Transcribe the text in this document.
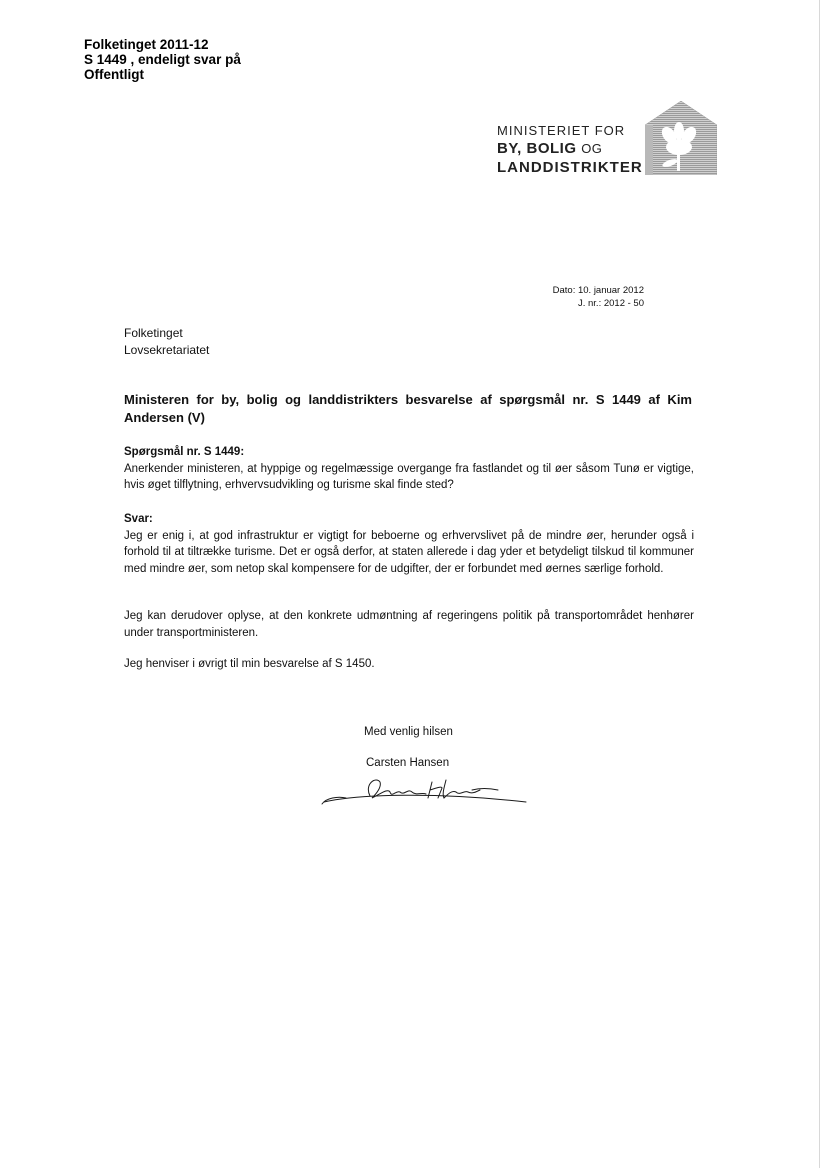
Folketinget 2011-12
S 1449 , endeligt svar på
Offentligt
MINISTERIET FOR
BY, BOLIG OG
LANDDISTRIKTER
Dato: 10. januar 2012
J. nr.: 2012 - 50
Folketinget
Lovsekretariatet
Ministeren for by, bolig og landdistrikters besvarelse af spørgsmål nr. S 1449 af Kim Andersen (V)
Spørgsmål nr. S 1449:

Anerkender ministeren, at hyppige og regelmæssige overgange fra fastlandet og til øer såsom Tunø er vigtige, hvis øget tilflytning, erhvervsudvikling og turisme skal finde sted?

Svar:

Jeg er enig i, at god infrastruktur er vigtigt for beboerne og erhvervslivet på de mindre øer, herunder også i forhold til at tiltrække turisme. Det er også derfor, at staten allerede i dag yder et betydeligt tilskud til kommuner med mindre øer, som netop skal kompensere for de udgifter, der er forbundet med øernes særlige forhold.

Jeg kan derudover oplyse, at den konkrete udmøntning af regeringens politik på transportområdet henhører under transportministeren.

Jeg henviser i øvrigt til min besvarelse af S 1450.

Med venlig hilsen
Carsten Hansen
